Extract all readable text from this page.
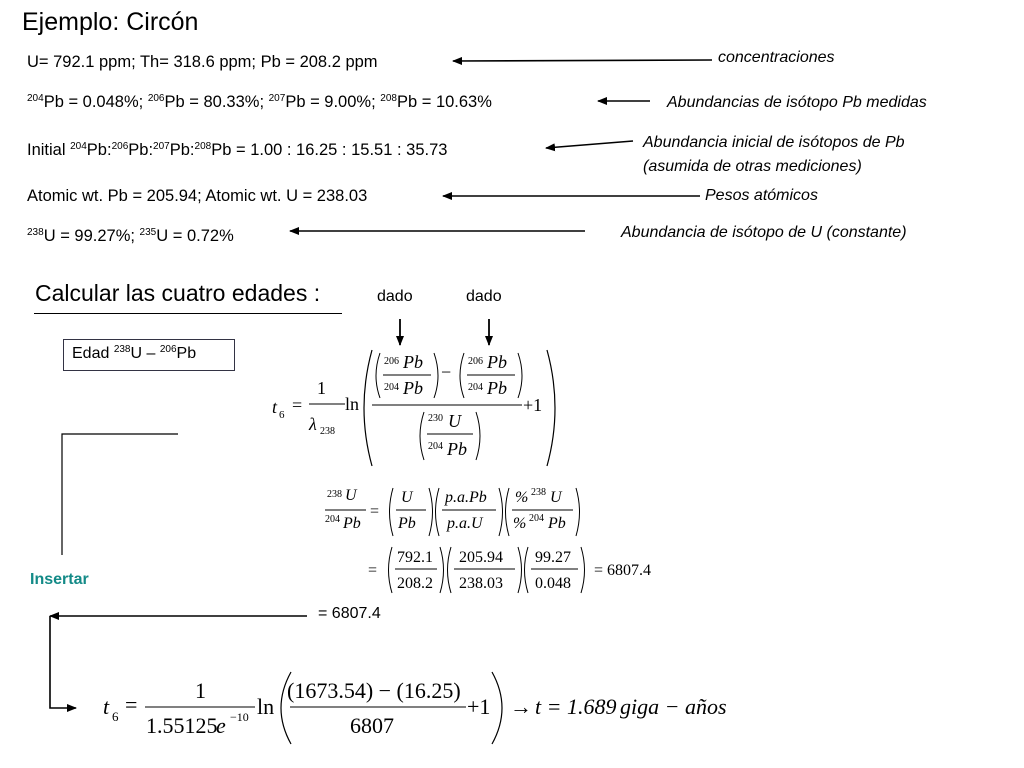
Ejemplo: Circón
U= 792.1 ppm; Th= 318.6 ppm; Pb = 208.2 ppm
$^{204}$Pb = 0.048%; $^{206}$Pb = 80.33%; $^{207}$Pb = 9.00%; $^{208}$Pb = 10.63%
Initial $^{204}$Pb:$^{206}$Pb:$^{207}$Pb:$^{208}$Pb = 1.00 : 16.25 : 15.51 : 35.73
Atomic wt. Pb = 205.94; Atomic wt. U = 238.03
$^{238}$U = 99.27%; $^{235}$U = 0.72%
concentraciones
Abundancias de isótopo Pb medidas
Abundancia inicial de isótopos de Pb
(asumida de otras mediciones)
Pesos atómicos
Abundancia de isótopo de U (constante)
Calcular las cuatro edades :	dado	dado
Edad $^{238}$U – $^{206}$Pb
Insertar
= 6807.4
t 6 =
1
λ 238
ln
206 Pb
204 Pb
−
206 Pb
204 Pb
+1
230 U
204 Pb
238 U
204 Pb
=
U
Pb
p.a.Pb
p.a.U
% 238 U
% 204 Pb
=
792.1
208.2
205.94
238.03
99.27
0.048
= 6807.4
t 6 =
1
1.55125
e −10 ln
(1673.54) − (16.25)
6807
+1 → t = 1.689 giga − años
